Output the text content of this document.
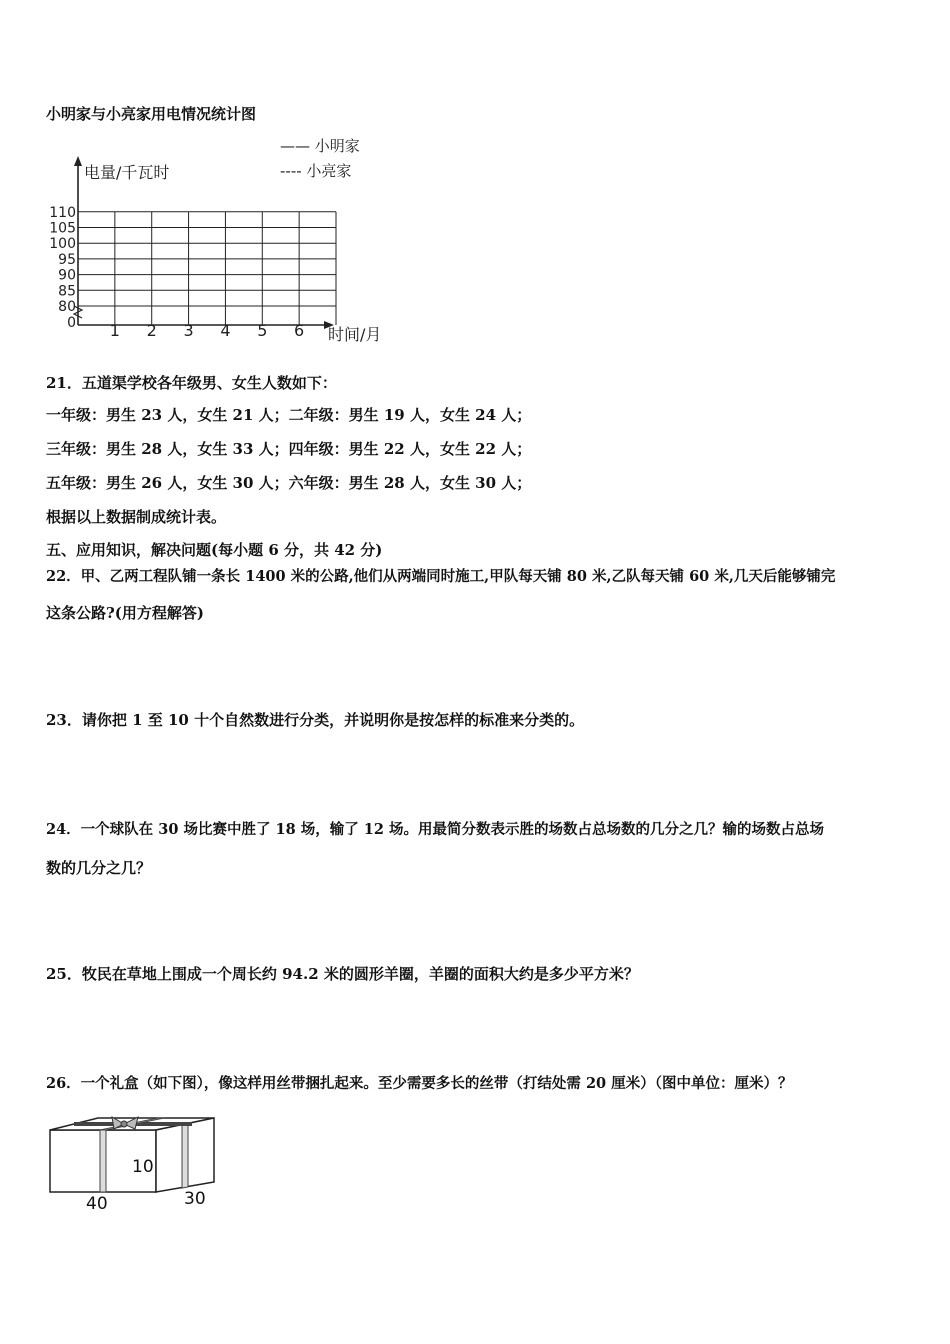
小明家与小亮家用电情况统计图
—— 小明家
---- 小亮家
电量/千瓦时
80
85
90
95
100
105
110
0 1 2 3 4 5 6 时间/月
21．五道渠学校各年级男、女生人数如下：
一年级：男生 23 人，女生 21 人；二年级：男生 19 人，女生 24 人；
三年级：男生 28 人，女生 33 人；四年级：男生 22 人，女生 22 人；
五年级：男生 26 人，女生 30 人；六年级：男生 28 人，女生 30 人；
根据以上数据制成统计表。
五、应用知识，解决问题(每小题 6 分，共 42 分)
22．甲、乙两工程队铺一条长 1400 米的公路,他们从两端同时施工,甲队每天铺 80 米,乙队每天铺 60 米,几天后能够铺完
这条公路?(用方程解答)
23．请你把 1 至 10 十个自然数进行分类，并说明你是按怎样的标准来分类的。
24．一个球队在 30 场比赛中胜了 18 场，输了 12 场。用最简分数表示胜的场数占总场数的几分之几？输的场数占总场
数的几分之几？
25．牧民在草地上围成一个周长约 94.2 米的圆形羊圈，羊圈的面积大约是多少平方米？
26．一个礼盒（如下图），像这样用丝带捆扎起来。至少需要多长的丝带（打结处需 20 厘米）（图中单位：厘米）？
10
40	30
